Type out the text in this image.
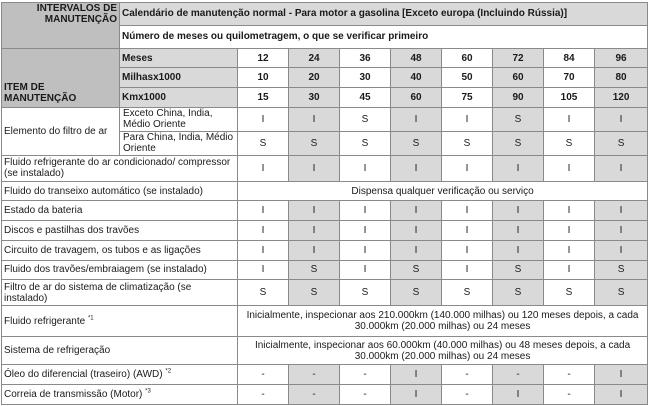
INTERVALOS DE
MANUTENÇÃO	Calendário de manutenção normal - Para motor a gasolina [Exceto europa (Incluindo Rússia)]								
	Número de meses ou quilometragem, o que se verificar primeiro								

ITEM DE
MANUTENÇÃO	Meses	12	24	36	48	60	72	84	96
	Milhasx1000	10	20	30	40	50	60	70	80
	Kmx1000	15	30	45	60	75	90	105	120
Elemento do filtro de ar	Exceto China, Índia, Médio Oriente	I	I	S	I	I	S	I	I
	Para China, Índia, Médio Oriente	S	S	S	S	S	S	S	S
Fluido refrigerante do ar condicionado/ compressor (se instalado)		I	I	I	I	I	I	I	I
Fluido do transeixo automático (se instalado)		Dispensa qualquer verificação ou serviço							
Estado da bateria		I	I	I	I	I	I	I	I
Discos e pastilhas dos travões		I	I	I	I	I	I	I	I
Circuito de travagem, os tubos e as ligações		I	I	I	I	I	I	I	I
Fluido dos travões/embraiagem (se instalado)		I	S	I	S	I	S	I	S
Filtro de ar do sistema de climatização (se instalado)		S	S	S	S	S	S	S	S
Fluido refrigerante $^{*1}$		Inicialmente, inspecionar aos 210.000km (140.000 milhas) ou 120 meses depois, a cada 30.000km (20.000 milhas) ou 24 meses							
Sistema de refrigeração		Inicialmente, inspecionar aos 60.000km (40.000 milhas) ou 48 meses depois, a cada 30.000km (20.000 milhas) ou 24 meses							
Óleo do diferencial (traseiro) (AWD) $^{*2}$		-	-	-	I	-	-	-	I
Correia de transmissão (Motor) $^{*3}$		-	-	-	I	-	I	-	I
